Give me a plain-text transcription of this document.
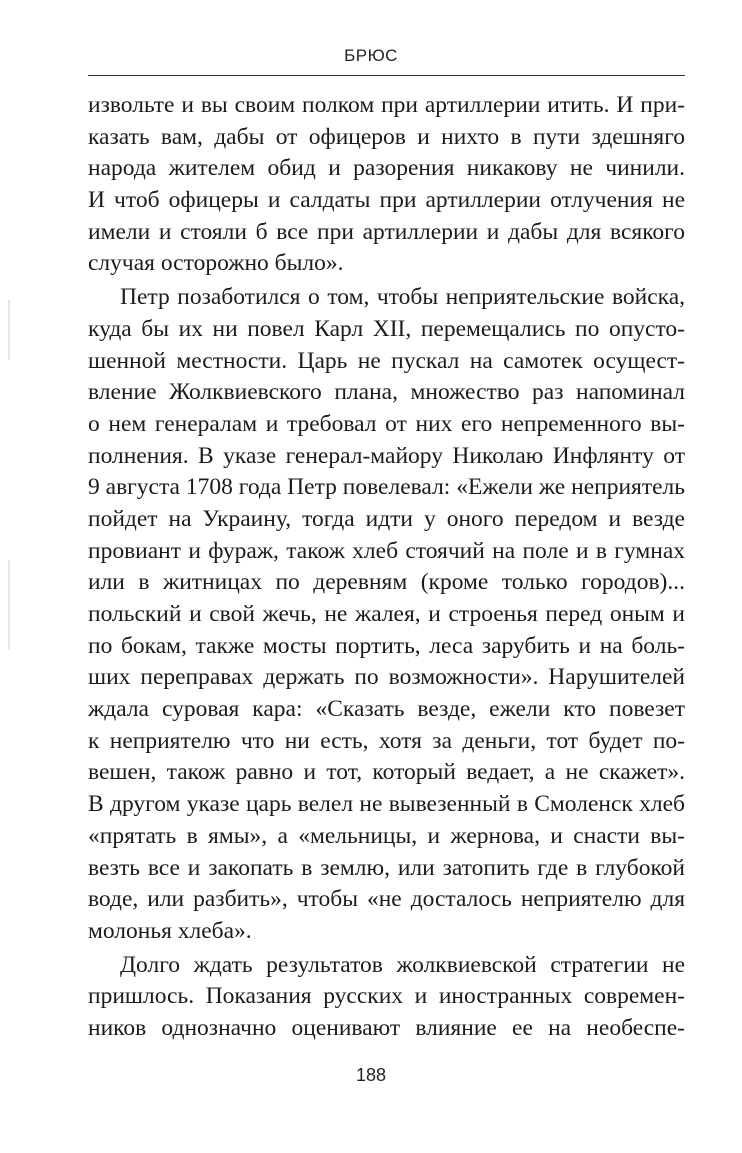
БРЮС
извольте и вы своим полком при артиллерии итить. И при-
казать вам, дабы от офицеров и нихто в пути здешняго
народа жителем обид и разорения никакову не чинили.
И чтоб офицеры и салдаты при артиллерии отлучения не
имели и стояли б все при артиллерии и дабы для всякого
случая осторожно было».
Петр позаботился о том, чтобы неприятельские войска,
куда бы их ни повел Карл XII, перемещались по опусто-
шенной местности. Царь не пускал на самотек осущест-
вление Жолквиевского плана, множество раз напоминал
о нем генералам и требовал от них его непременного вы-
полнения. В указе генерал-майору Николаю Инфлянту от
9 августа 1708 года Петр повелевал: «Ежели же неприятель
пойдет на Украину, тогда идти у оного передом и везде
провиант и фураж, також хлеб стоячий на поле и в гумнах
или в житницах по деревням (кроме только городов)...
польский и свой жечь, не жалея, и строенья перед оным и
по бокам, также мосты портить, леса зарубить и на боль-
ших переправах держать по возможности». Нарушителей
ждала суровая кара: «Сказать везде, ежели кто повезет
к неприятелю что ни есть, хотя за деньги, тот будет по-
вешен, також равно и тот, который ведает, а не скажет».
В другом указе царь велел не вывезенный в Смоленск хлеб
«прятать в ямы», а «мельницы, и жернова, и снасти вы-
везть все и закопать в землю, или затопить где в глубокой
воде, или разбить», чтобы «не досталось неприятелю для
молонья хлеба».
Долго ждать результатов жолквиевской стратегии не
пришлось. Показания русских и иностранных современ-
ников однозначно оценивают влияние ее на необеспе-
188
